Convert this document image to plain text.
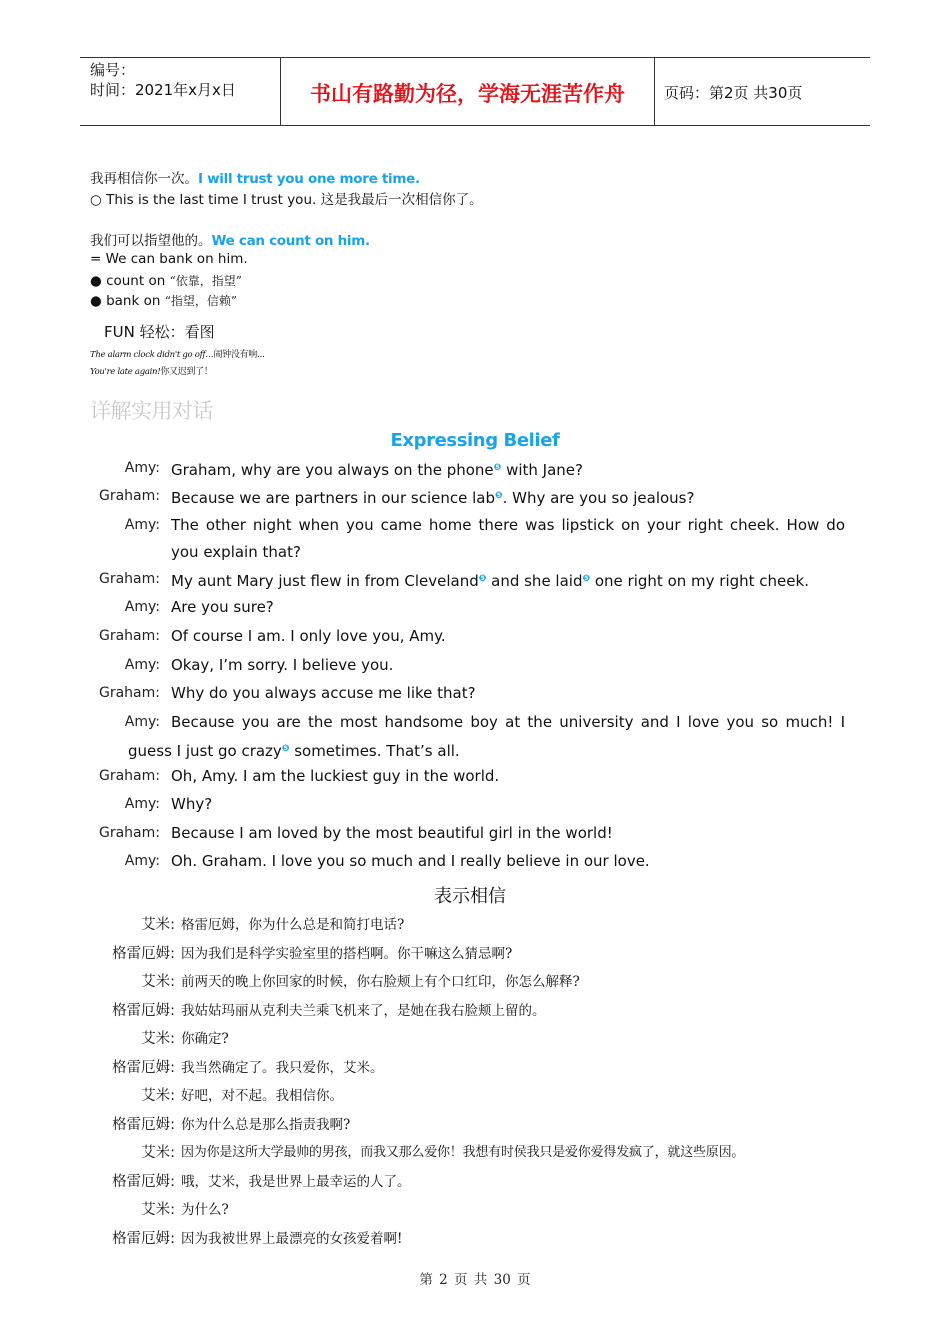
编号：
时间：2021年x月x日	书山有路勤为径，学海无涯苦作舟	页码：第2页 共30页
我再相信你一次。I will trust you one more time.
○ This is the last time I trust you. 这是我最后一次相信你了。
我们可以指望他的。We can count on him.
= We can bank on him.
● count on “依靠，指望”
● bank on “指望，信赖”
FUN 轻松：看图
The alarm clock didn't go off…闹钟没有响...
You're late again!你又迟到了！
详解实用对话
Expressing Belief
Amy: Graham, why are you always on the phone$^❺$ with Jane?
Graham: Because we are partners in our science lab$^❺$. Why are you so jealous?
Amy: The other night when you came home there was lipstick on your right cheek. How do
you explain that?
Graham: My aunt Mary just flew in from Cleveland$^❺$ and she laid$^❺$ one right on my right cheek.
Amy: Are you sure?
Graham: Of course I am. I only love you, Amy.
Amy: Okay, I’m sorry. I believe you.
Graham: Why do you always accuse me like that?
Amy: Because you are the most handsome boy at the university and I love you so much! I
guess I just go crazy$^❺$ sometimes. That’s all.
Graham: Oh, Amy. I am the luckiest guy in the world.
Amy: Why?
Graham: Because I am loved by the most beautiful girl in the world!
Amy: Oh. Graham. I love you so much and I really believe in our love.
表示相信
艾米: 格雷厄姆，你为什么总是和简打电话?
格雷厄姆: 因为我们是科学实验室里的搭档啊。你干嘛这么猜忌啊?
艾米: 前两天的晚上你回家的时候，你右脸颊上有个口红印，你怎么解释?
格雷厄姆: 我姑姑玛丽从克利夫兰乘飞机来了，是她在我右脸颊上留的。
艾米: 你确定?
格雷厄姆: 我当然确定了。我只爱你，艾米。
艾米: 好吧，对不起。我相信你。
格雷厄姆: 你为什么总是那么指责我啊?
艾米: 因为你是这所大学最帅的男孩，而我又那么爱你！我想有时侯我只是爱你爱得发疯了，就这些原因。
格雷厄姆: 哦，艾米，我是世界上最幸运的人了。
艾米: 为什么?
格雷厄姆: 因为我被世界上最漂亮的女孩爱着啊!
第 2 页 共 30 页
